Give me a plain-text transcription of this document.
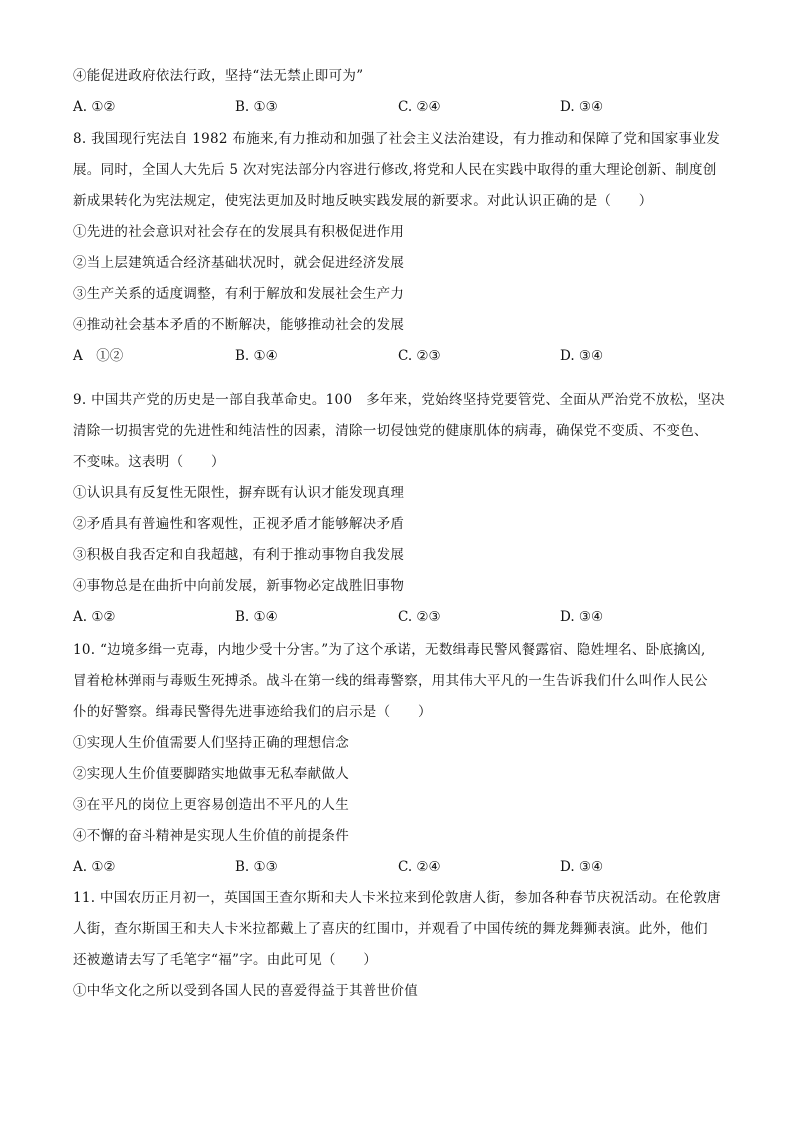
④能促进政府依法行政，坚持“法无禁止即可为”
A. ①②	B. ①③	C. ②④	D. ③④
8. 我国现行宪法自 1982 布施来,有力推动和加强了社会主义法治建设，有力推动和保障了党和国家事业发
展。同时，全国人大先后 5 次对宪法部分内容进行修改,将党和人民在实践中取得的重大理论创新、制度创
新成果转化为宪法规定，使宪法更加及时地反映实践发展的新要求。对此认识正确的是（　　）
①先进的社会意识对社会存在的发展具有积极促进作用
②当上层建筑适合经济基础状况时，就会促进经济发展
③生产关系的适度调整，有利于解放和发展社会生产力
④推动社会基本矛盾的不断解决，能够推动社会的发展
A　①②	B. ①④	C. ②③	D. ③④
9. 中国共产党的历史是一部自我革命史。100　多年来，党始终坚持党要管党、全面从严治党不放松，坚决
清除一切损害党的先进性和纯洁性的因素，清除一切侵蚀党的健康肌体的病毒，确保党不变质、不变色、
不变味。这表明（　　）
①认识具有反复性无限性，摒弃既有认识才能发现真理
②矛盾具有普遍性和客观性，正视矛盾才能够解决矛盾
③积极自我否定和自我超越，有利于推动事物自我发展
④事物总是在曲折中向前发展，新事物必定战胜旧事物
A. ①②	B. ①④	C. ②③	D. ③④
10. “边境多缉一克毒，内地少受十分害。”为了这个承诺，无数缉毒民警风餐露宿、隐姓埋名、卧底擒凶,
冒着枪林弹雨与毒贩生死搏杀。战斗在第一线的缉毒警察，用其伟大平凡的一生告诉我们什么叫作人民公
仆的好警察。缉毒民警得先进事迹给我们的启示是（　　）
①实现人生价值需要人们坚持正确的理想信念
②实现人生价值要脚踏实地做事无私奉献做人
③在平凡的岗位上更容易创造出不平凡的人生
④不懈的奋斗精神是实现人生价值的前提条件
A. ①②	B. ①③	C. ②④	D. ③④
11. 中国农历正月初一，英国国王查尔斯和夫人卡米拉来到伦敦唐人街，参加各种春节庆祝活动。在伦敦唐
人街，查尔斯国王和夫人卡米拉都戴上了喜庆的红围巾，并观看了中国传统的舞龙舞狮表演。此外，他们
还被邀请去写了毛笔字“福”字。由此可见（　　）
①中华文化之所以受到各国人民的喜爱得益于其普世价值
